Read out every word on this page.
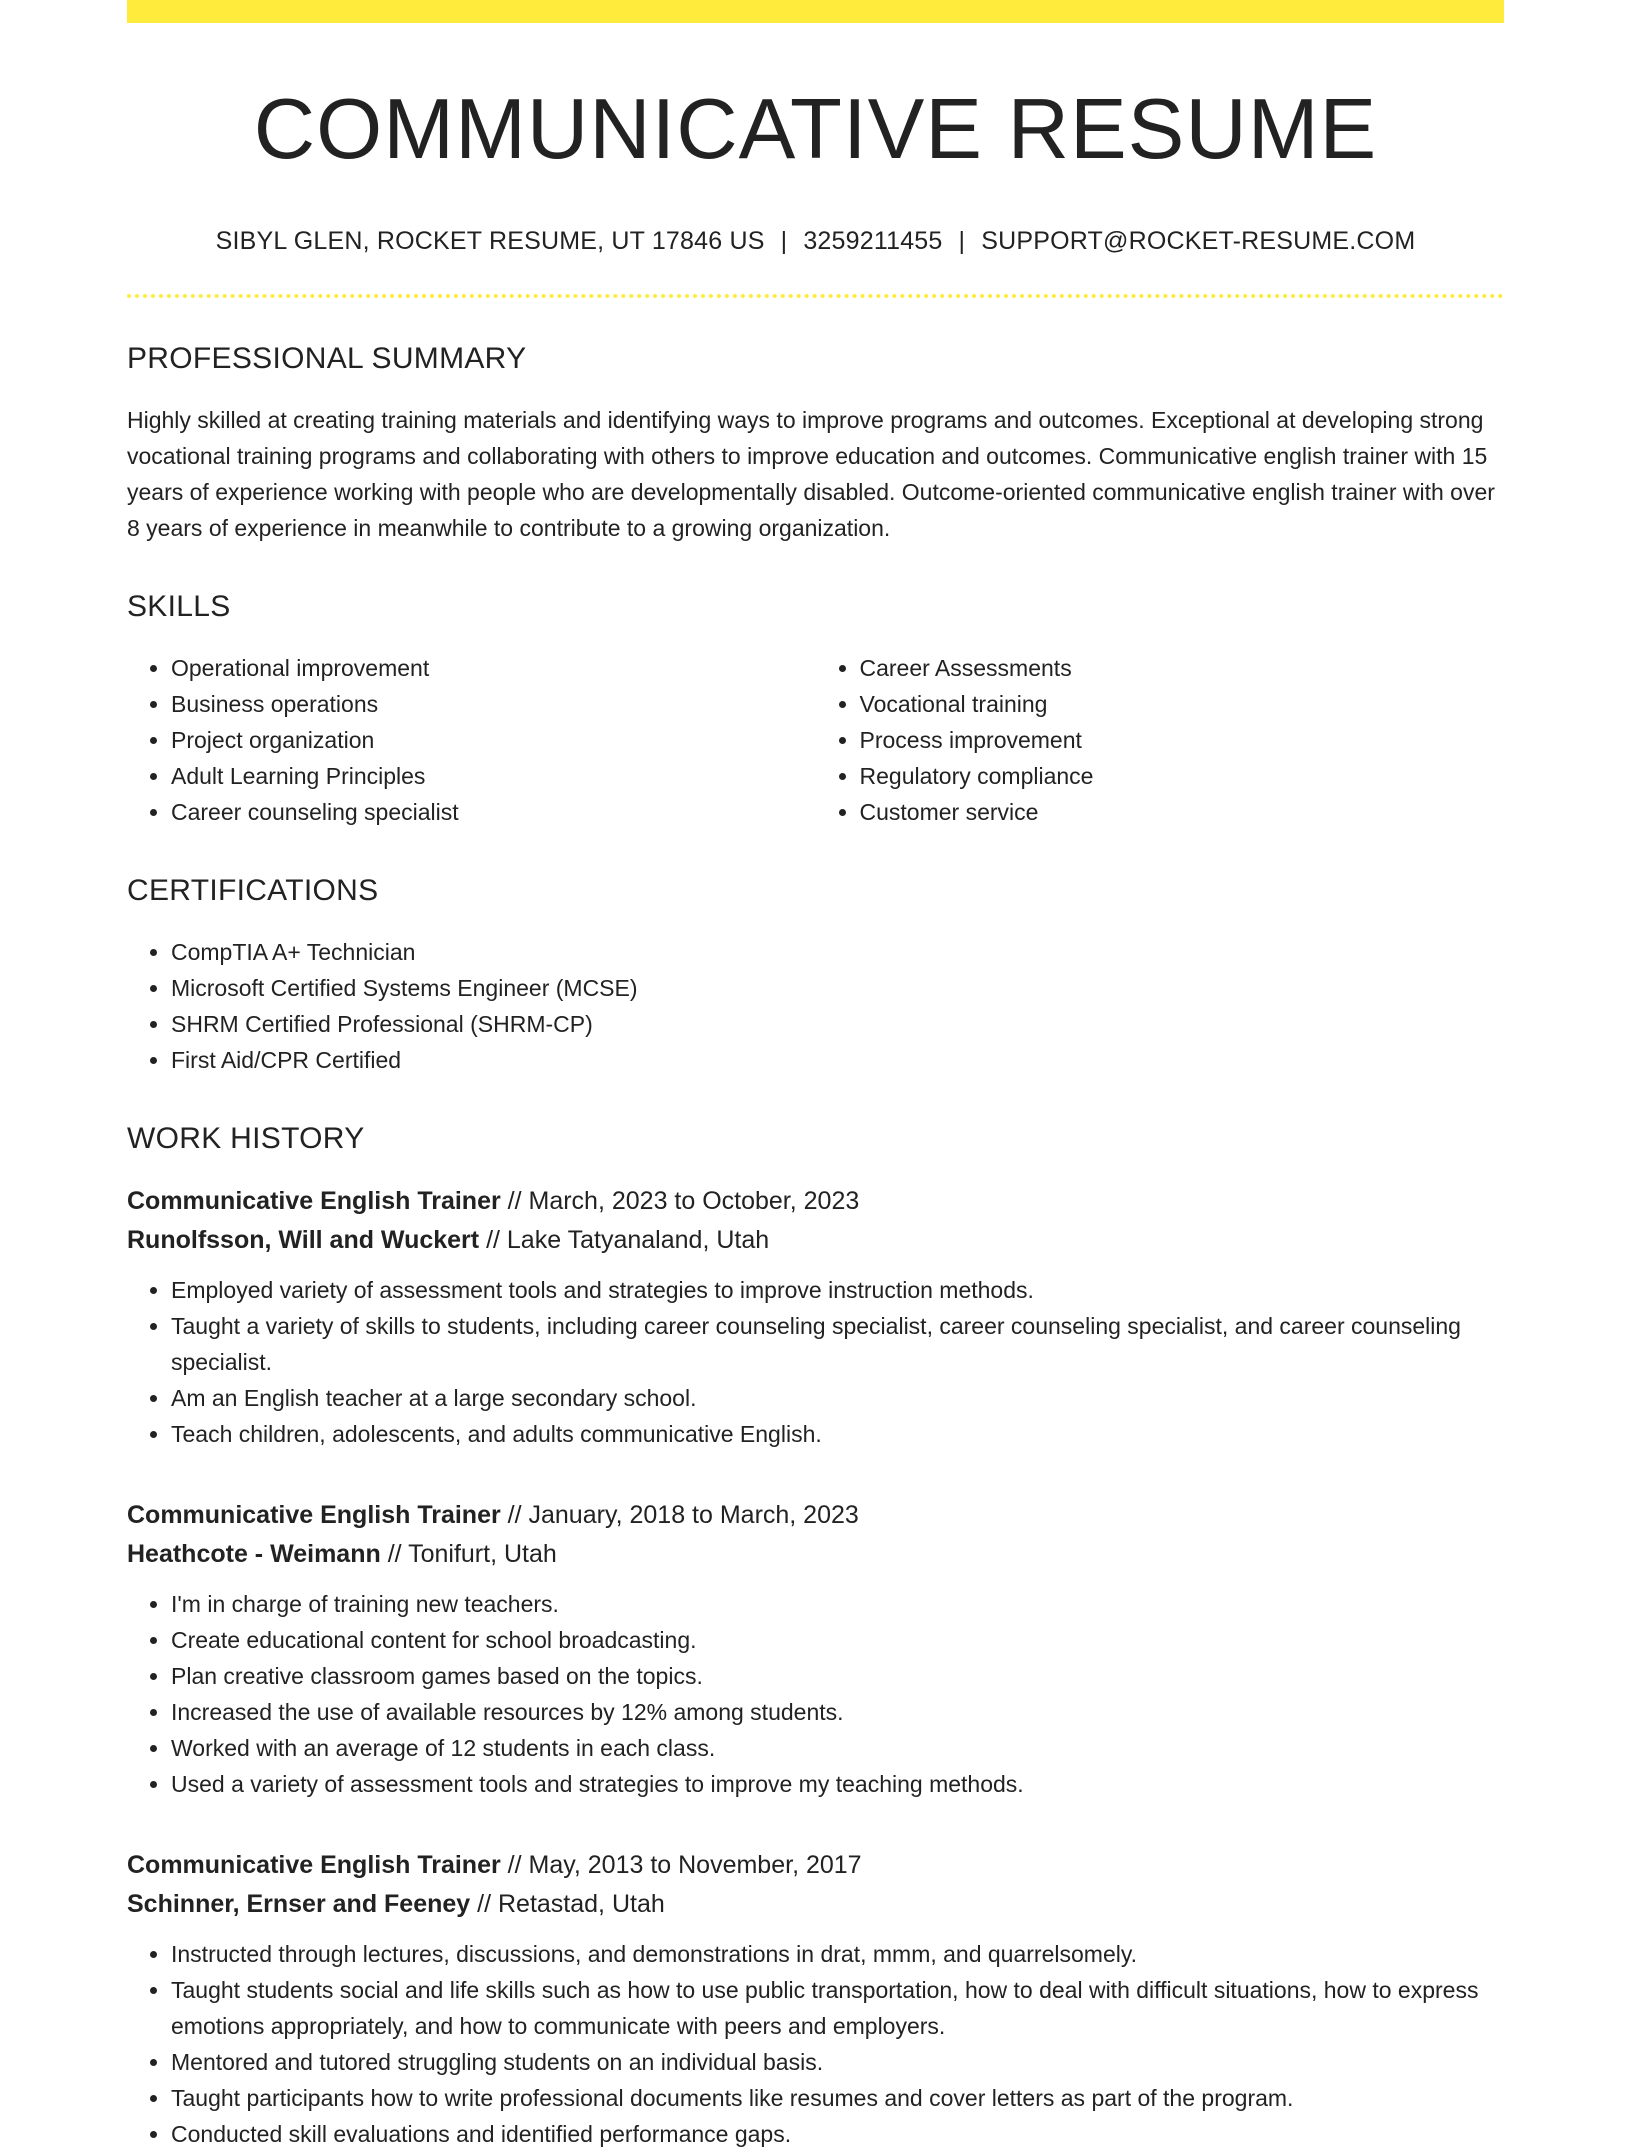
COMMUNICATIVE RESUME
SIBYL GLEN, ROCKET RESUME, UT 17846 US | 3259211455 | SUPPORT@ROCKET-RESUME.COM
PROFESSIONAL SUMMARY
Highly skilled at creating training materials and identifying ways to improve programs and outcomes. Exceptional at developing strong vocational training programs and collaborating with others to improve education and outcomes. Communicative english trainer with 15 years of experience working with people who are developmentally disabled. Outcome-oriented communicative english trainer with over 8 years of experience in meanwhile to contribute to a growing organization.
SKILLS
• Operational improvement
• Business operations
• Project organization
• Adult Learning Principles
• Career counseling specialist
• Career Assessments
• Vocational training
• Process improvement
• Regulatory compliance
• Customer service
CERTIFICATIONS
• CompTIA A+ Technician
• Microsoft Certified Systems Engineer (MCSE)
• SHRM Certified Professional (SHRM-CP)
• First Aid/CPR Certified
WORK HISTORY
Communicative English Trainer // March, 2023 to October, 2023
Runolfsson, Will and Wuckert // Lake Tatyanaland, Utah
• Employed variety of assessment tools and strategies to improve instruction methods.
• Taught a variety of skills to students, including career counseling specialist, career counseling specialist, and career counseling specialist.
• Am an English teacher at a large secondary school.
• Teach children, adolescents, and adults communicative English.
Communicative English Trainer // January, 2018 to March, 2023
Heathcote - Weimann // Tonifurt, Utah
• I'm in charge of training new teachers.
• Create educational content for school broadcasting.
• Plan creative classroom games based on the topics.
• Increased the use of available resources by 12% among students.
• Worked with an average of 12 students in each class.
• Used a variety of assessment tools and strategies to improve my teaching methods.
Communicative English Trainer // May, 2013 to November, 2017
Schinner, Ernser and Feeney // Retastad, Utah
• Instructed through lectures, discussions, and demonstrations in drat, mmm, and quarrelsomely.
• Taught students social and life skills such as how to use public transportation, how to deal with difficult situations, how to express emotions appropriately, and how to communicate with peers and employers.
• Mentored and tutored struggling students on an individual basis.
• Taught participants how to write professional documents like resumes and cover letters as part of the program.
• Conducted skill evaluations and identified performance gaps.
